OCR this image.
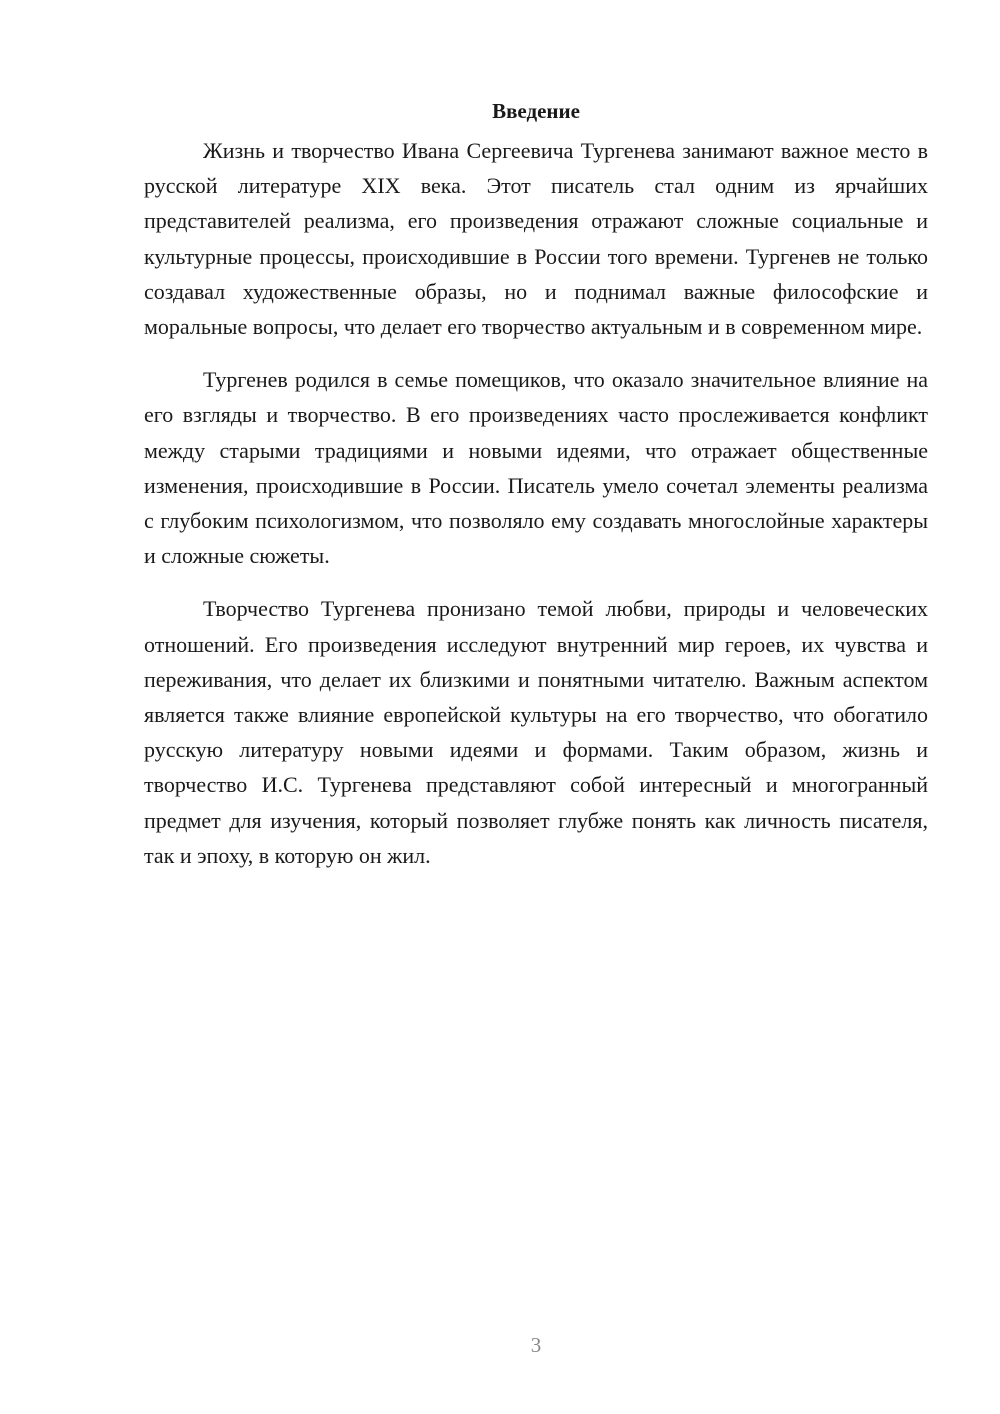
Введение

Жизнь и творчество Ивана Сергеевича Тургенева занимают важное место в русской литературе XIX века. Этот писатель стал одним из ярчайших представителей реализма, его произведения отражают сложные социальные и культурные процессы, происходившие в России того времени. Тургенев не только создавал художественные образы, но и поднимал важные философские и моральные вопросы, что делает его творчество актуальным и в современном мире.

Тургенев родился в семье помещиков, что оказало значительное влияние на его взгляды и творчество. В его произведениях часто прослеживается конфликт между старыми традициями и новыми идеями, что отражает общественные изменения, происходившие в России. Писатель умело сочетал элементы реализма с глубоким психологизмом, что позволяло ему создавать многослойные характеры и сложные сюжеты.

Творчество Тургенева пронизано темой любви, природы и человеческих отношений. Его произведения исследуют внутренний мир героев, их чувства и переживания, что делает их близкими и понятными читателю. Важным аспектом является также влияние европейской культуры на его творчество, что обогатило русскую литературу новыми идеями и формами. Таким образом, жизнь и творчество И.С. Тургенева представляют собой интересный и многогранный предмет для изучения, который позволяет глубже понять как личность писателя, так и эпоху, в которую он жил.

3
